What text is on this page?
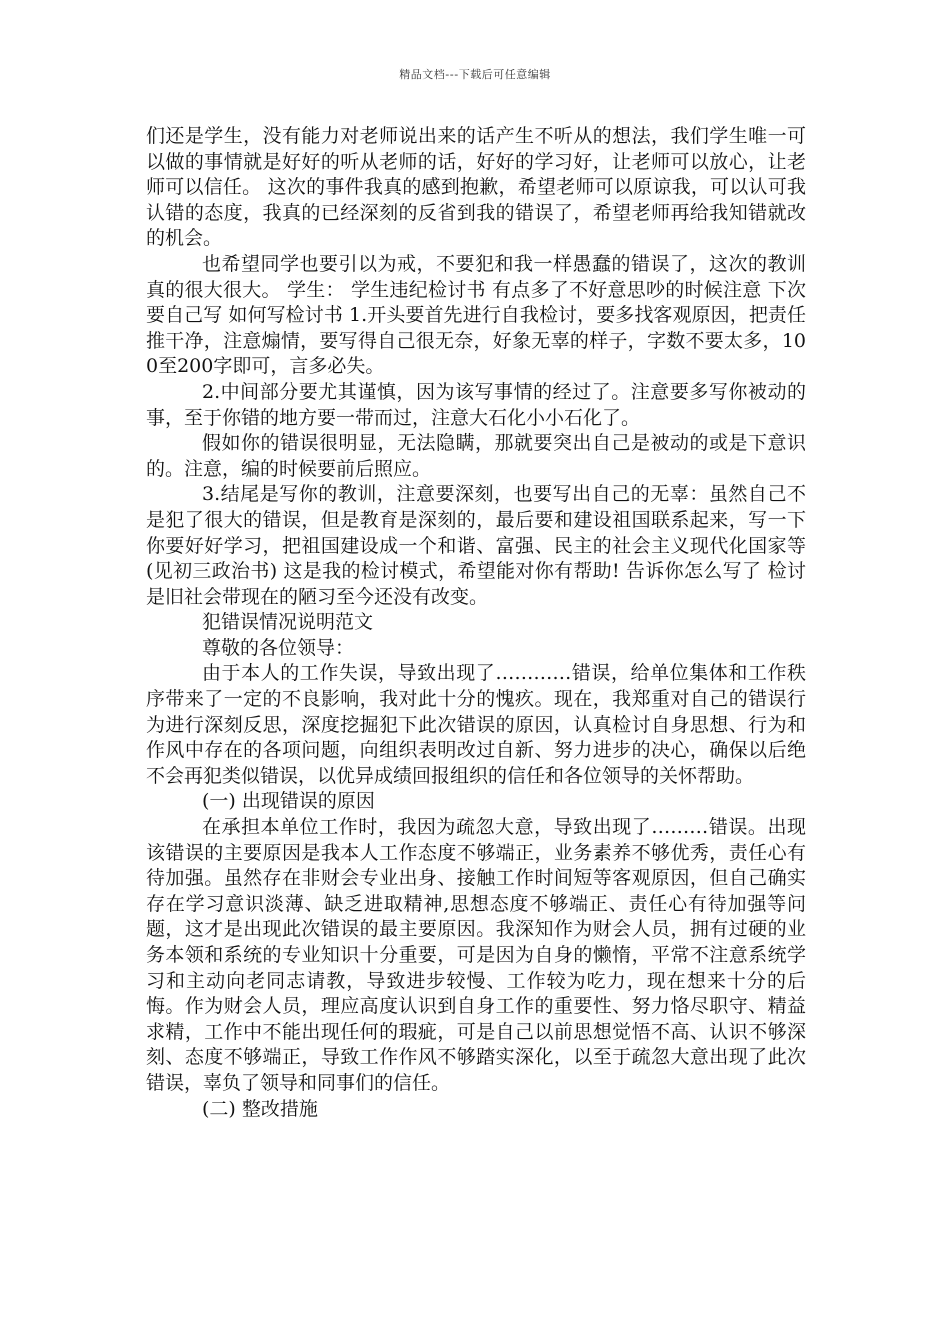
精品文档---下载后可任意编辑

们还是学生，没有能力对老师说出来的话产生不听从的想法，我们学生唯一可以做的事情就是好好的听从老师的话，好好的学习好，让老师可以放心，让老师可以信任。 这次的事件我真的感到抱歉，希望老师可以原谅我，可以认可我认错的态度，我真的已经深刻的反省到我的错误了，希望老师再给我知错就改的机会。

也希望同学也要引以为戒，不要犯和我一样愚蠢的错误了，这次的教训真的很大很大。 学生： 学生违纪检讨书 有点多了不好意思吵的时候注意 下次要自己写 如何写检讨书 1.开头要首先进行自我检讨，要多找客观原因，把责任推干净，注意煽情，要写得自己很无奈，好象无辜的样子，字数不要太多，100至200字即可，言多必失。

2.中间部分要尤其谨慎，因为该写事情的经过了。注意要多写你被动的事，至于你错的地方要一带而过，注意大石化小小石化了。

假如你的错误很明显，无法隐瞒，那就要突出自己是被动的或是下意识的。注意，编的时候要前后照应。

3.结尾是写你的教训，注意要深刻，也要写出自己的无辜：虽然自己不是犯了很大的错误，但是教育是深刻的，最后要和建设祖国联系起来，写一下你要好好学习，把祖国建设成一个和谐、富强、民主的社会主义现代化国家等(见初三政治书) 这是我的检讨模式，希望能对你有帮助! 告诉你怎么写了 检讨是旧社会带现在的陋习至今还没有改变。

犯错误情况说明范文

尊敬的各位领导：

由于本人的工作失误，导致出现了…………错误，给单位集体和工作秩序带来了一定的不良影响，我对此十分的愧疚。现在，我郑重对自己的错误行为进行深刻反思，深度挖掘犯下此次错误的原因，认真检讨自身思想、行为和作风中存在的各项问题，向组织表明改过自新、努力进步的决心，确保以后绝不会再犯类似错误，以优异成绩回报组织的信任和各位领导的关怀帮助。

(一) 出现错误的原因

在承担本单位工作时，我因为疏忽大意，导致出现了………错误。出现该错误的主要原因是我本人工作态度不够端正，业务素养不够优秀，责任心有待加强。虽然存在非财会专业出身、接触工作时间短等客观原因，但自己确实存在学习意识淡薄、缺乏进取精神,思想态度不够端正、责任心有待加强等问题，这才是出现此次错误的最主要原因。我深知作为财会人员，拥有过硬的业务本领和系统的专业知识十分重要，可是因为自身的懒惰，平常不注意系统学习和主动向老同志请教，导致进步较慢、工作较为吃力，现在想来十分的后悔。作为财会人员，理应高度认识到自身工作的重要性、努力恪尽职守、精益求精，工作中不能出现任何的瑕疵，可是自己以前思想觉悟不高、认识不够深刻、态度不够端正，导致工作作风不够踏实深化，以至于疏忽大意出现了此次错误，辜负了领导和同事们的信任。

(二) 整改措施
